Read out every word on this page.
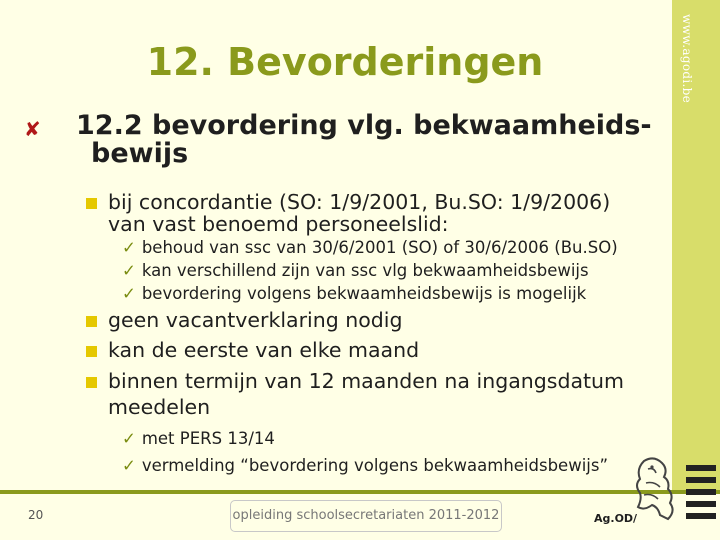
www.agodi.be
12. Bevorderingen
✘ 12.2 bevordering vlg. bekwaamheids-
bewijs
bij concordantie (SO: 1/9/2001, Bu.SO: 1/9/2006)
van vast benoemd personeelslid:
✓ behoud van ssc van 30/6/2001 (SO) of 30/6/2006 (Bu.SO)
✓ kan verschillend zijn van ssc vlg bekwaamheidsbewijs
✓ bevordering volgens bekwaamheidsbewijs is mogelijk
geen vacantverklaring nodig
kan de eerste van elke maand
binnen termijn van 12 maanden na ingangsdatum
meedelen
✓ met PERS 13/14
✓ vermelding “bevordering volgens bekwaamheidsbewijs”
20	opleiding schoolsecretariaten 2011-2012	Ag.OD/
